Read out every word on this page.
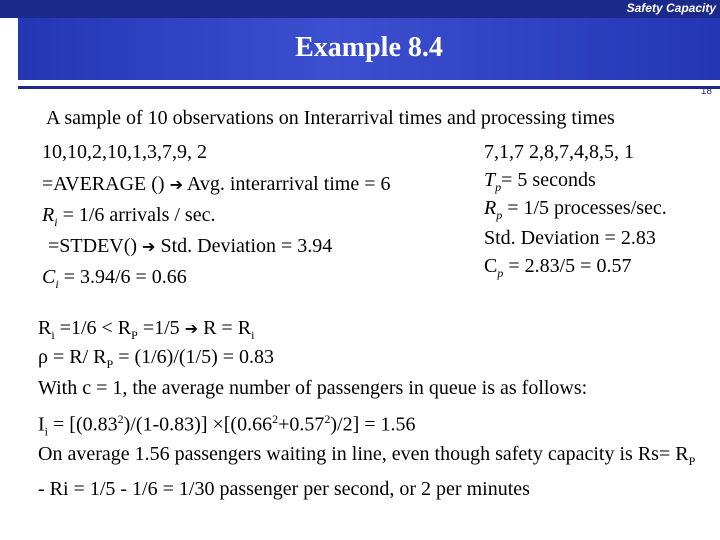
Safety Capacity
Example 8.4
18
A sample of 10 observations on Interarrival times and processing times
10,10,2,10,1,3,7,9, 2
=AVERAGE () ➔ Avg. interarrival time = 6
$R_i = 1/6$ arrivals / sec.
=STDEV() ➔ Std. Deviation = 3.94
$C_i = 3.94/6 = 0.66$
7,1,7 2,8,7,4,8,5, 1
$T_p= 5$ seconds
$R_p = 1/5$ processes/sec.
Std. Deviation = 2.83
$C_p = 2.83/5 = 0.57$
$R_i =1/6 < R_P =1/5$ ➔ $R = R_i$
ρ = R/ $R_P = (1/6)/(1/5) = 0.83$
With c = 1, the average number of passengers in queue is as follows:
$I_i = [(0.83^2)/(1-0.83)] \times[(0.66^2+0.57^2)/2] = 1.56$
On average 1.56 passengers waiting in line, even though safety capacity is $Rs= R_P - Ri = 1/5 - 1/6 = 1/30$ passenger per second, or 2 per minutes
